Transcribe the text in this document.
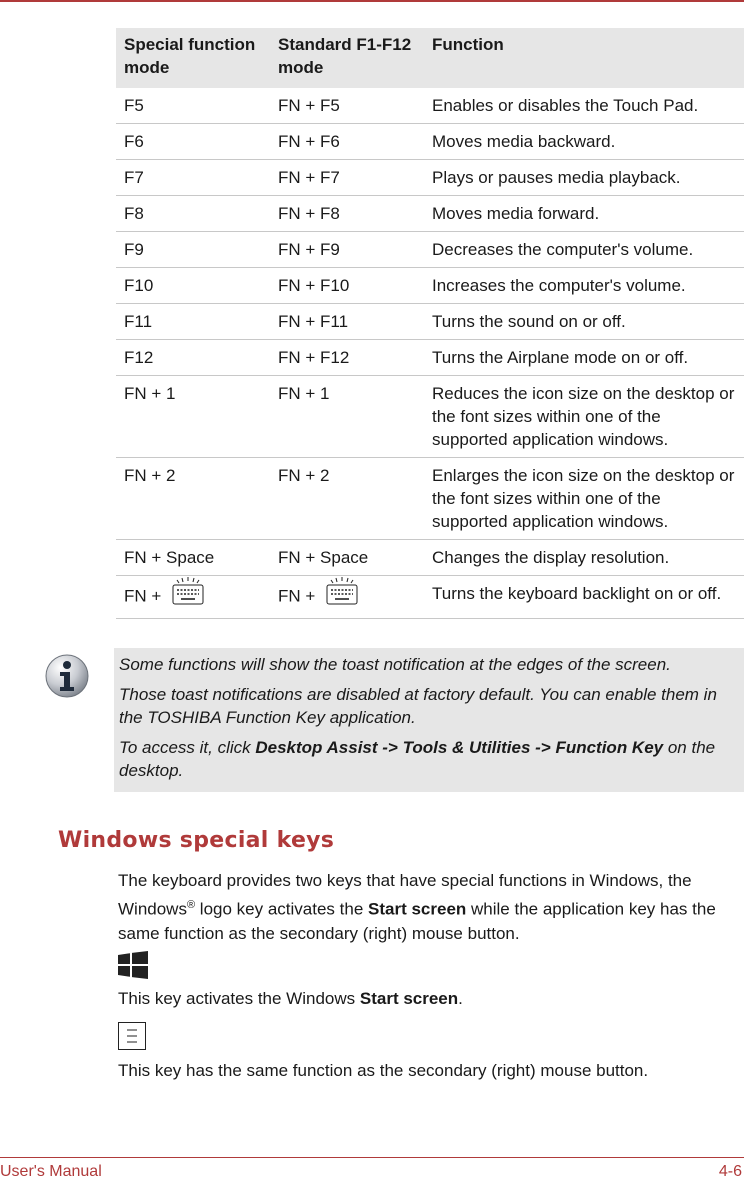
Special function mode	Standard F1-F12 mode	Function
F5	FN + F5	Enables or disables the Touch Pad.
F6	FN + F6	Moves media backward.
F7	FN + F7	Plays or pauses media playback.
F8	FN + F8	Moves media forward.
F9	FN + F9	Decreases the computer's volume.
F10	FN + F10	Increases the computer's volume.
F11	FN + F11	Turns the sound on or off.
F12	FN + F12	Turns the Airplane mode on or off.
FN + 1	FN + 1	Reduces the icon size on the desktop or the font sizes within one of the supported application windows.
FN + 2	FN + 2	Enlarges the icon size on the desktop or the font sizes within one of the supported application windows.
FN + Space	FN + Space	Changes the display resolution.
FN +	FN +	Turns the keyboard backlight on or off.

Some functions will show the toast notification at the edges of the screen.

Those toast notifications are disabled at factory default. You can enable them in the TOSHIBA Function Key application.

To access it, click Desktop Assist -> Tools & Utilities -> Function Key on the desktop.

Windows special keys

The keyboard provides two keys that have special functions in Windows, the Windows® logo key activates the Start screen while the application key has the same function as the secondary (right) mouse button.

This key activates the Windows Start screen.

This key has the same function as the secondary (right) mouse button.

User's Manual	4-6
